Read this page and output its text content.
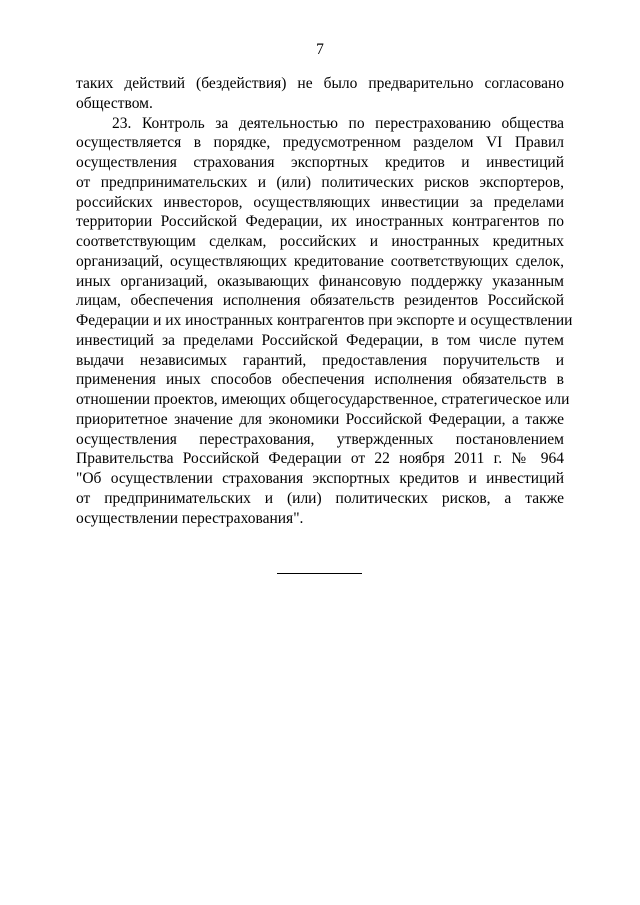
7
таких действий (бездействия) не было предварительно согласовано
обществом.
23. Контроль за деятельностью по перестрахованию общества
осуществляется в порядке, предусмотренном разделом VI Правил
осуществления страхования экспортных кредитов и инвестиций
от предпринимательских и (или) политических рисков экспортеров,
российских инвесторов, осуществляющих инвестиции за пределами
территории Российской Федерации, их иностранных контрагентов по
соответствующим сделкам, российских и иностранных кредитных
организаций, осуществляющих кредитование соответствующих сделок,
иных организаций, оказывающих финансовую поддержку указанным
лицам, обеспечения исполнения обязательств резидентов Российской
Федерации и их иностранных контрагентов при экспорте и осуществлении
инвестиций за пределами Российской Федерации, в том числе путем
выдачи независимых гарантий, предоставления поручительств и
применения иных способов обеспечения исполнения обязательств в
отношении проектов, имеющих общегосударственное, стратегическое или
приоритетное значение для экономики Российской Федерации, а также
осуществления перестрахования, утвержденных постановлением
Правительства Российской Федерации от 22 ноября 2011 г. № 964
"Об осуществлении страхования экспортных кредитов и инвестиций
от предпринимательских и (или) политических рисков, а также
осуществлении перестрахования".
